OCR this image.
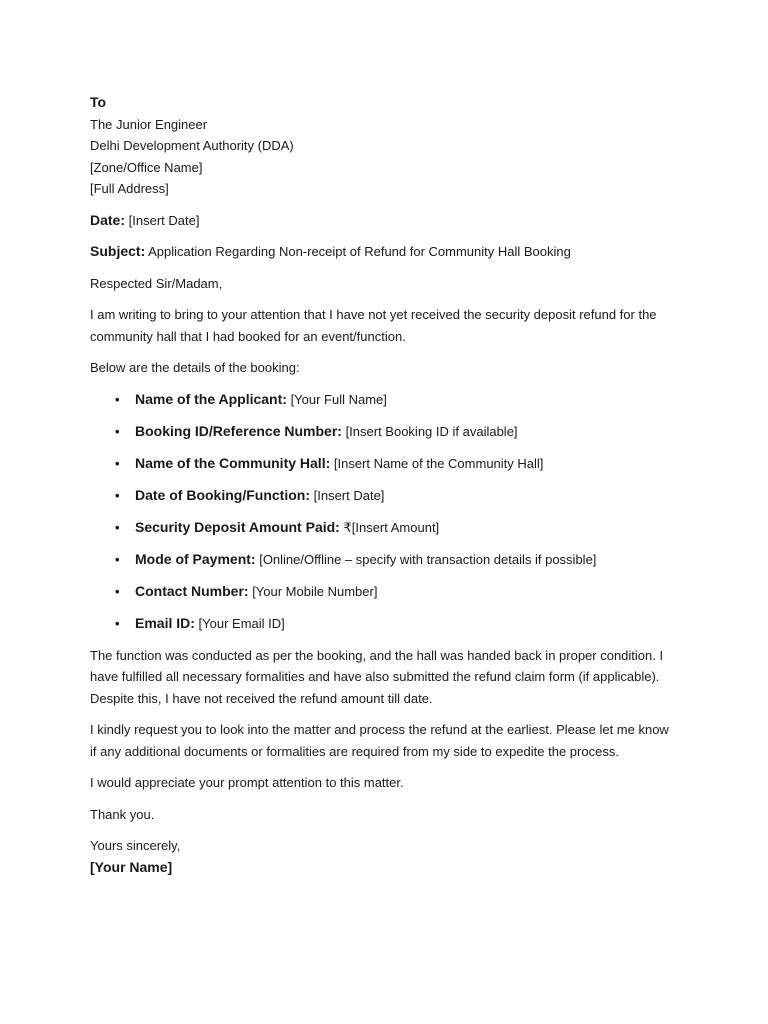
To
The Junior Engineer
Delhi Development Authority (DDA)
[Zone/Office Name]
[Full Address]

Date: [Insert Date]

Subject: Application Regarding Non-receipt of Refund for Community Hall Booking

Respected Sir/Madam,

I am writing to bring to your attention that I have not yet received the security deposit refund for the community hall that I had booked for an event/function.

Below are the details of the booking:

• Name of the Applicant: [Your Full Name]
• Booking ID/Reference Number: [Insert Booking ID if available]
• Name of the Community Hall: [Insert Name of the Community Hall]
• Date of Booking/Function: [Insert Date]
• Security Deposit Amount Paid: ₹[Insert Amount]
• Mode of Payment: [Online/Offline – specify with transaction details if possible]
• Contact Number: [Your Mobile Number]
• Email ID: [Your Email ID]

The function was conducted as per the booking, and the hall was handed back in proper condition. I have fulfilled all necessary formalities and have also submitted the refund claim form (if applicable). Despite this, I have not received the refund amount till date.

I kindly request you to look into the matter and process the refund at the earliest. Please let me know if any additional documents or formalities are required from my side to expedite the process.

I would appreciate your prompt attention to this matter.

Thank you.

Yours sincerely,

[Your Name]
